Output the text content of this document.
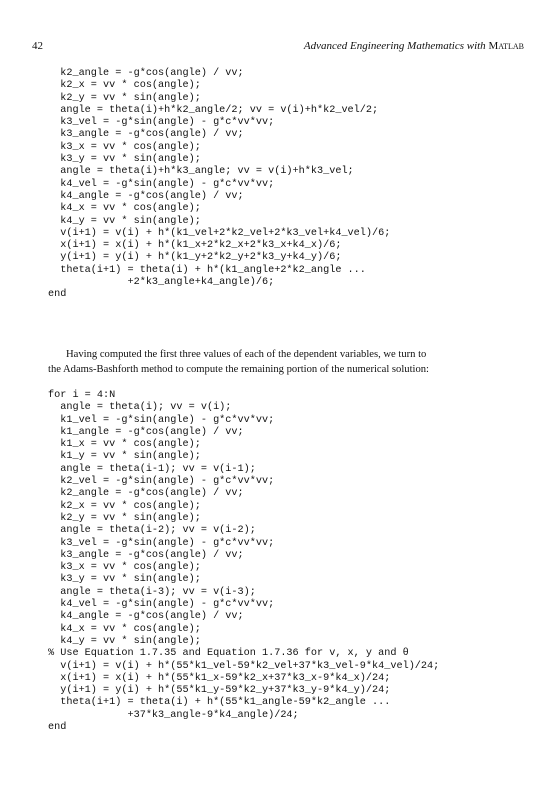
42	Advanced Engineering Mathematics with Matlab
k2_angle = -g*cos(angle) / vv;
k2_x = vv * cos(angle);
k2_y = vv * sin(angle);
angle = theta(i)+h*k2_angle/2; vv = v(i)+h*k2_vel/2;
k3_vel = -g*sin(angle) - g*c*vv*vv;
k3_angle = -g*cos(angle) / vv;
k3_x = vv * cos(angle);
k3_y = vv * sin(angle);
angle = theta(i)+h*k3_angle; vv = v(i)+h*k3_vel;
k4_vel = -g*sin(angle) - g*c*vv*vv;
k4_angle = -g*cos(angle) / vv;
k4_x = vv * cos(angle);
k4_y = vv * sin(angle);
v(i+1) = v(i) + h*(k1_vel+2*k2_vel+2*k3_vel+k4_vel)/6;
x(i+1) = x(i) + h*(k1_x+2*k2_x+2*k3_x+k4_x)/6;
y(i+1) = y(i) + h*(k1_y+2*k2_y+2*k3_y+k4_y)/6;
theta(i+1) = theta(i) + h*(k1_angle+2*k2_angle ...
+2*k3_angle+k4_angle)/6;
end
Having computed the first three values of each of the dependent variables, we turn to
the Adams-Bashforth method to compute the remaining portion of the numerical solution:
for i = 4:N
angle = theta(i); vv = v(i);
k1_vel = -g*sin(angle) - g*c*vv*vv;
k1_angle = -g*cos(angle) / vv;
k1_x = vv * cos(angle);
k1_y = vv * sin(angle);
angle = theta(i-1); vv = v(i-1);
k2_vel = -g*sin(angle) - g*c*vv*vv;
k2_angle = -g*cos(angle) / vv;
k2_x = vv * cos(angle);
k2_y = vv * sin(angle);
angle = theta(i-2); vv = v(i-2);
k3_vel = -g*sin(angle) - g*c*vv*vv;
k3_angle = -g*cos(angle) / vv;
k3_x = vv * cos(angle);
k3_y = vv * sin(angle);
angle = theta(i-3); vv = v(i-3);
k4_vel = -g*sin(angle) - g*c*vv*vv;
k4_angle = -g*cos(angle) / vv;
k4_x = vv * cos(angle);
k4_y = vv * sin(angle);
% Use Equation 1.7.35 and Equation 1.7.36 for v, x, y and θ
v(i+1) = v(i) + h*(55*k1_vel-59*k2_vel+37*k3_vel-9*k4_vel)/24;
x(i+1) = x(i) + h*(55*k1_x-59*k2_x+37*k3_x-9*k4_x)/24;
y(i+1) = y(i) + h*(55*k1_y-59*k2_y+37*k3_y-9*k4_y)/24;
theta(i+1) = theta(i) + h*(55*k1_angle-59*k2_angle ...
+37*k3_angle-9*k4_angle)/24;
end
